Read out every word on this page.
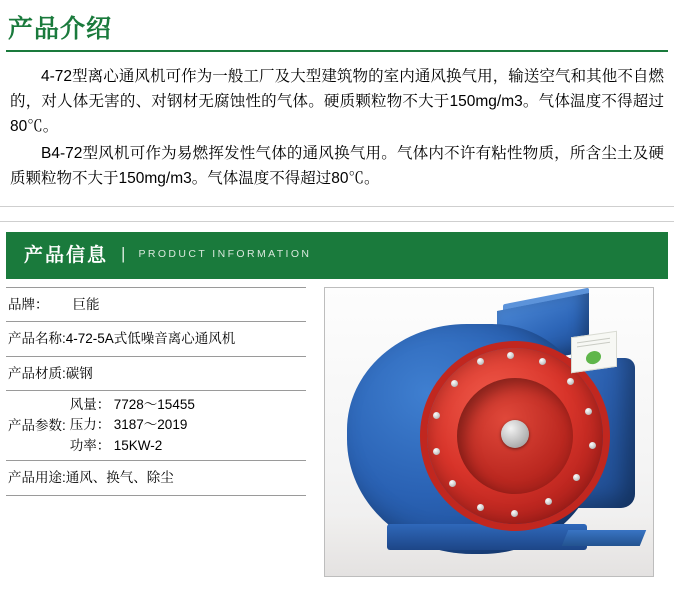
产品介绍

4-72型离心通风机可作为一般工厂及大型建筑物的室内通风换气用，输送空气和其他不自燃的，对人体无害的、对钢材无腐蚀性的气体。硬质颗粒物不大于150mg/m3。气体温度不得超过80℃。

B4-72型风机可作为易燃挥发性气体的通风换气用。气体内不许有粘性物质，所含尘土及硬质颗粒物不大于150mg/m3。气体温度不得超过80℃。

产品信息 | PRODUCT INFORMATION
品牌： 巨能
产品名称:4-72-5A式低噪音离心通风机
产品材质:碳钢

产品参数:
风量： 7728～15455
压力： 3187～2019
功率： 15KW-2

产品用途:通风、换气、除尘
